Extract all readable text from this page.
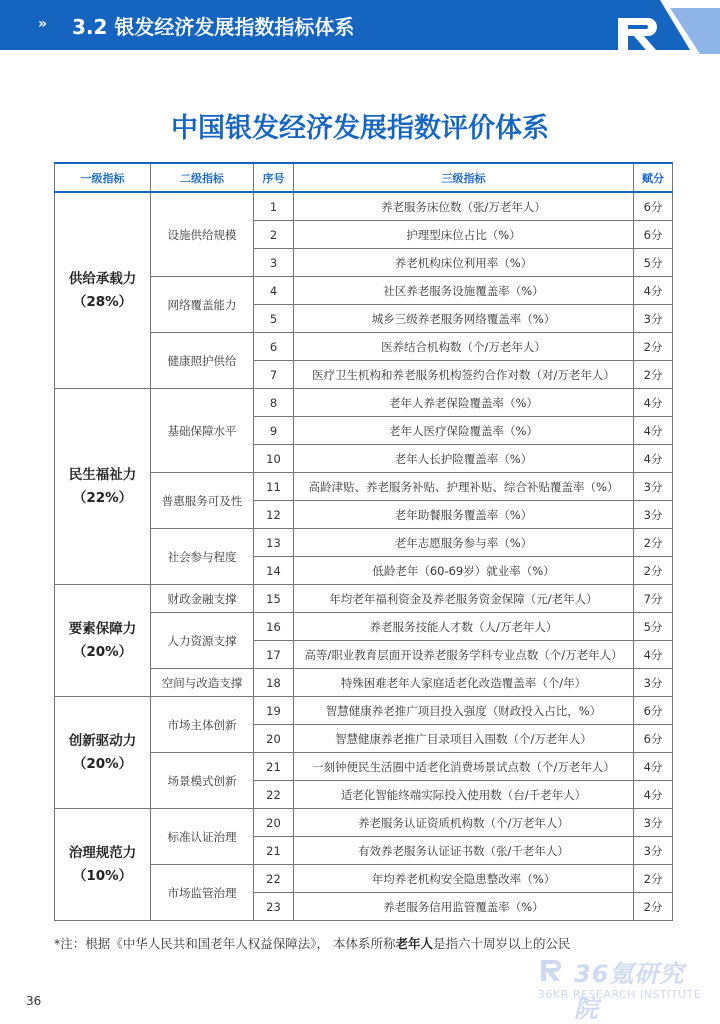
» 3.2 银发经济发展指数指标体系
中国银发经济发展指数评价体系
一级指标	二级指标	序号	三级指标	赋分

供给承载力
（28%）	设施供给规模	1	养老服务床位数（张/万老年人）	6分
		2	护理型床位占比（%）	6分
		3	养老机构床位利用率（%）	5分
	网络覆盖能力	4	社区养老服务设施覆盖率（%）	4分
		5	城乡三级养老服务网络覆盖率（%）	3分
	健康照护供给	6	医养结合机构数（个/万老年人）	2分
		7	医疗卫生机构和养老服务机构签约合作对数（对/万老年人）	2分

民生福祉力
（22%）	基础保障水平	8	老年人养老保险覆盖率（%）	4分
		9	老年人医疗保险覆盖率（%）	4分
		10	老年人长护险覆盖率（%）	4分
	普惠服务可及性	11	高龄津贴、养老服务补贴、护理补贴、综合补贴覆盖率（%）	3分
		12	老年助餐服务覆盖率（%）	3分
	社会参与程度	13	老年志愿服务参与率（%）	2分
		14	低龄老年（60-69岁）就业率（%）	2分

要素保障力
（20%）	财政金融支撑	15	年均老年福利资金及养老服务资金保障（元/老年人）	7分
	人力资源支撑	16	养老服务技能人才数（人/万老年人）	5分
		17	高等/职业教育层面开设养老服务学科专业点数（个/万老年人）	4分
	空间与改造支撑	18	特殊困难老年人家庭适老化改造覆盖率（个/年）	3分

创新驱动力
（20%）	市场主体创新	19	智慧健康养老推广项目投入强度（财政投入占比，%）	6分
		20	智慧健康养老推广目录项目入围数（个/万老年人）	6分
	场景模式创新	21	一刻钟便民生活圈中适老化消费场景试点数（个/万老年人）	4分
		22	适老化智能终端实际投入使用数（台/千老年人）	4分

治理规范力
（10%）	标准认证治理	20	养老服务认证资质机构数（个/万老年人）	3分
		21	有效养老服务认证证书数（张/千老年人）	3分
	市场监管治理	22	年均养老机构安全隐患整改率（%）	2分
		23	养老服务信用监管覆盖率（%）	2分
*注：根据《中华人民共和国老年人权益保障法》， 本体系所称老年人是指六十周岁以上的公民
36氪研究院
36KR RESEARCH INSTITUTE
36
